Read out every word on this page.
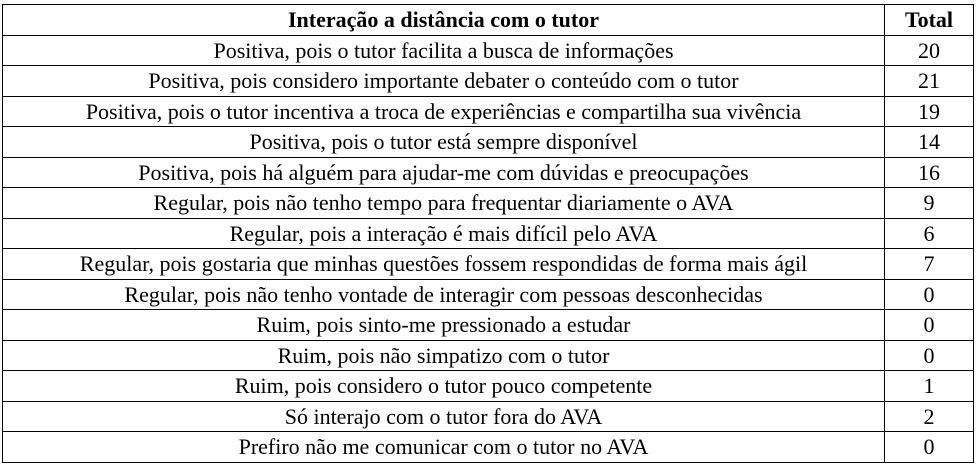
Interação a distância com o tutor	Total
Positiva, pois o tutor facilita a busca de informações	20
Positiva, pois considero importante debater o conteúdo com o tutor	21
Positiva, pois o tutor incentiva a troca de experiências e compartilha sua vivência	19
Positiva, pois o tutor está sempre disponível	14
Positiva, pois há alguém para ajudar-me com dúvidas e preocupações	16
Regular, pois não tenho tempo para frequentar diariamente o AVA	9
Regular, pois a interação é mais difícil pelo AVA	6
Regular, pois gostaria que minhas questões fossem respondidas de forma mais ágil	7
Regular, pois não tenho vontade de interagir com pessoas desconhecidas	0
Ruim, pois sinto-me pressionado a estudar	0
Ruim, pois não simpatizo com o tutor	0
Ruim, pois considero o tutor pouco competente	1
Só interajo com o tutor fora do AVA	2
Prefiro não me comunicar com o tutor no AVA	0
